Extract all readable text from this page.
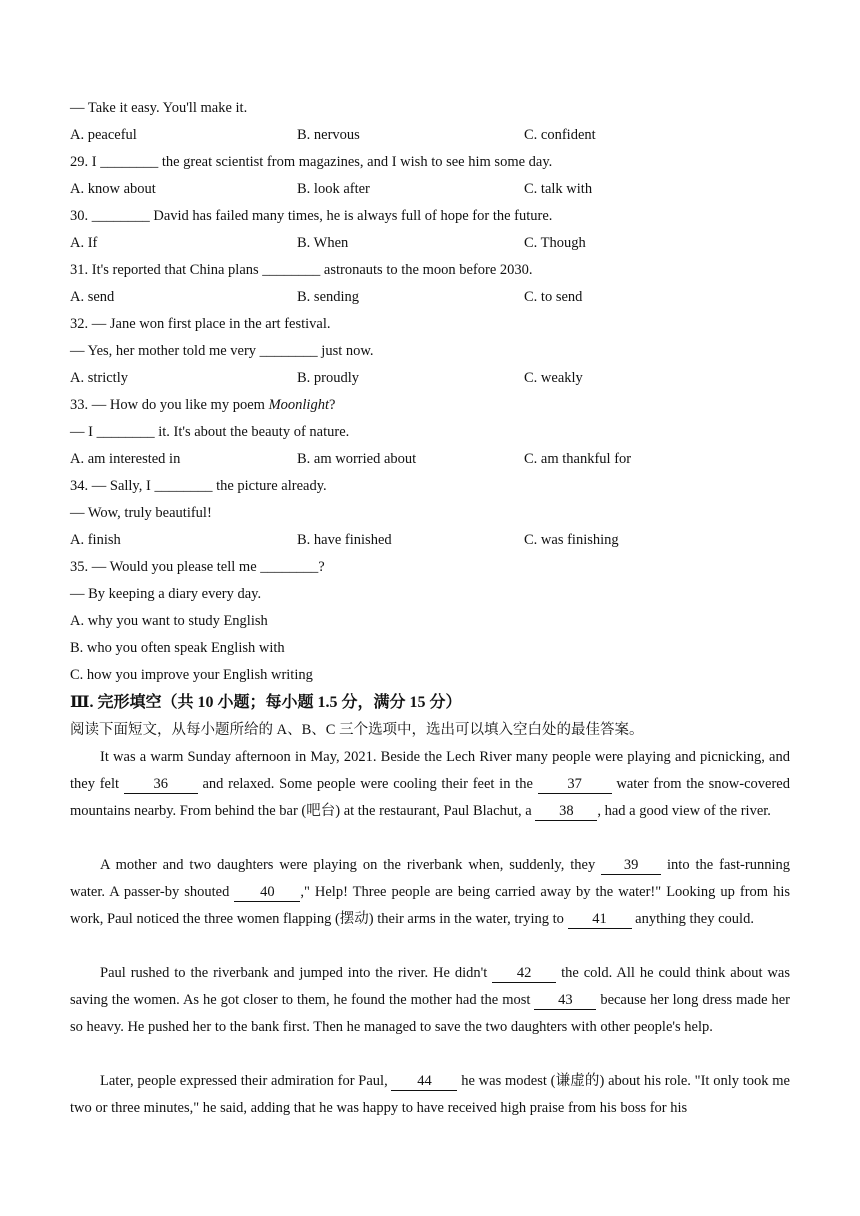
— Take it easy. You'll make it.
A. peaceful	B. nervous	C. confident
29. I ________ the great scientist from magazines, and I wish to see him some day.
A. know about	B. look after	C. talk with
30. ________ David has failed many times, he is always full of hope for the future.
A. If	B. When	C. Though
31. It's reported that China plans ________ astronauts to the moon before 2030.
A. send	B. sending	C. to send
32. — Jane won first place in the art festival.
— Yes, her mother told me very ________ just now.
A. strictly	B. proudly	C. weakly
33. — How do you like my poem Moonlight?
— I ________ it. It's about the beauty of nature.
A. am interested in	B. am worried about	C. am thankful for
34. — Sally, I ________ the picture already.
— Wow, truly beautiful!
A. finish	B. have finished	C. was finishing
35. — Would you please tell me ________?
— By keeping a diary every day.
A. why you want to study English
B. who you often speak English with
C. how you improve your English writing
Ⅲ. 完形填空（共 10 小题；每小题 1.5 分，满分 15 分）
阅读下面短文，从每小题所给的 A、B、C 三个选项中，选出可以填入空白处的最佳答案。
It was a warm Sunday afternoon in May, 2021. Beside the Lech River many people were playing and picnicking, and they felt 36 and relaxed. Some people were cooling their feet in the 37 water from the snow-covered mountains nearby. From behind the bar (吧台) at the restaurant, Paul Blachut, a 38 , had a good view of the river.
A mother and two daughters were playing on the riverbank when, suddenly, they 39 into the fast-running water. A passer-by shouted 40 ," Help! Three people are being carried away by the water!" Looking up from his work, Paul noticed the three women flapping (摆动) their arms in the water, trying to 41 anything they could.
Paul rushed to the riverbank and jumped into the river. He didn't 42 the cold. All he could think about was saving the women. As he got closer to them, he found the mother had the most 43 because her long dress made her so heavy. He pushed her to the bank first. Then he managed to save the two daughters with other people's help.
Later, people expressed their admiration for Paul, 44 he was modest (谦虚的) about his role. "It only took me two or three minutes," he said, adding that he was happy to have received high praise from his boss for his
